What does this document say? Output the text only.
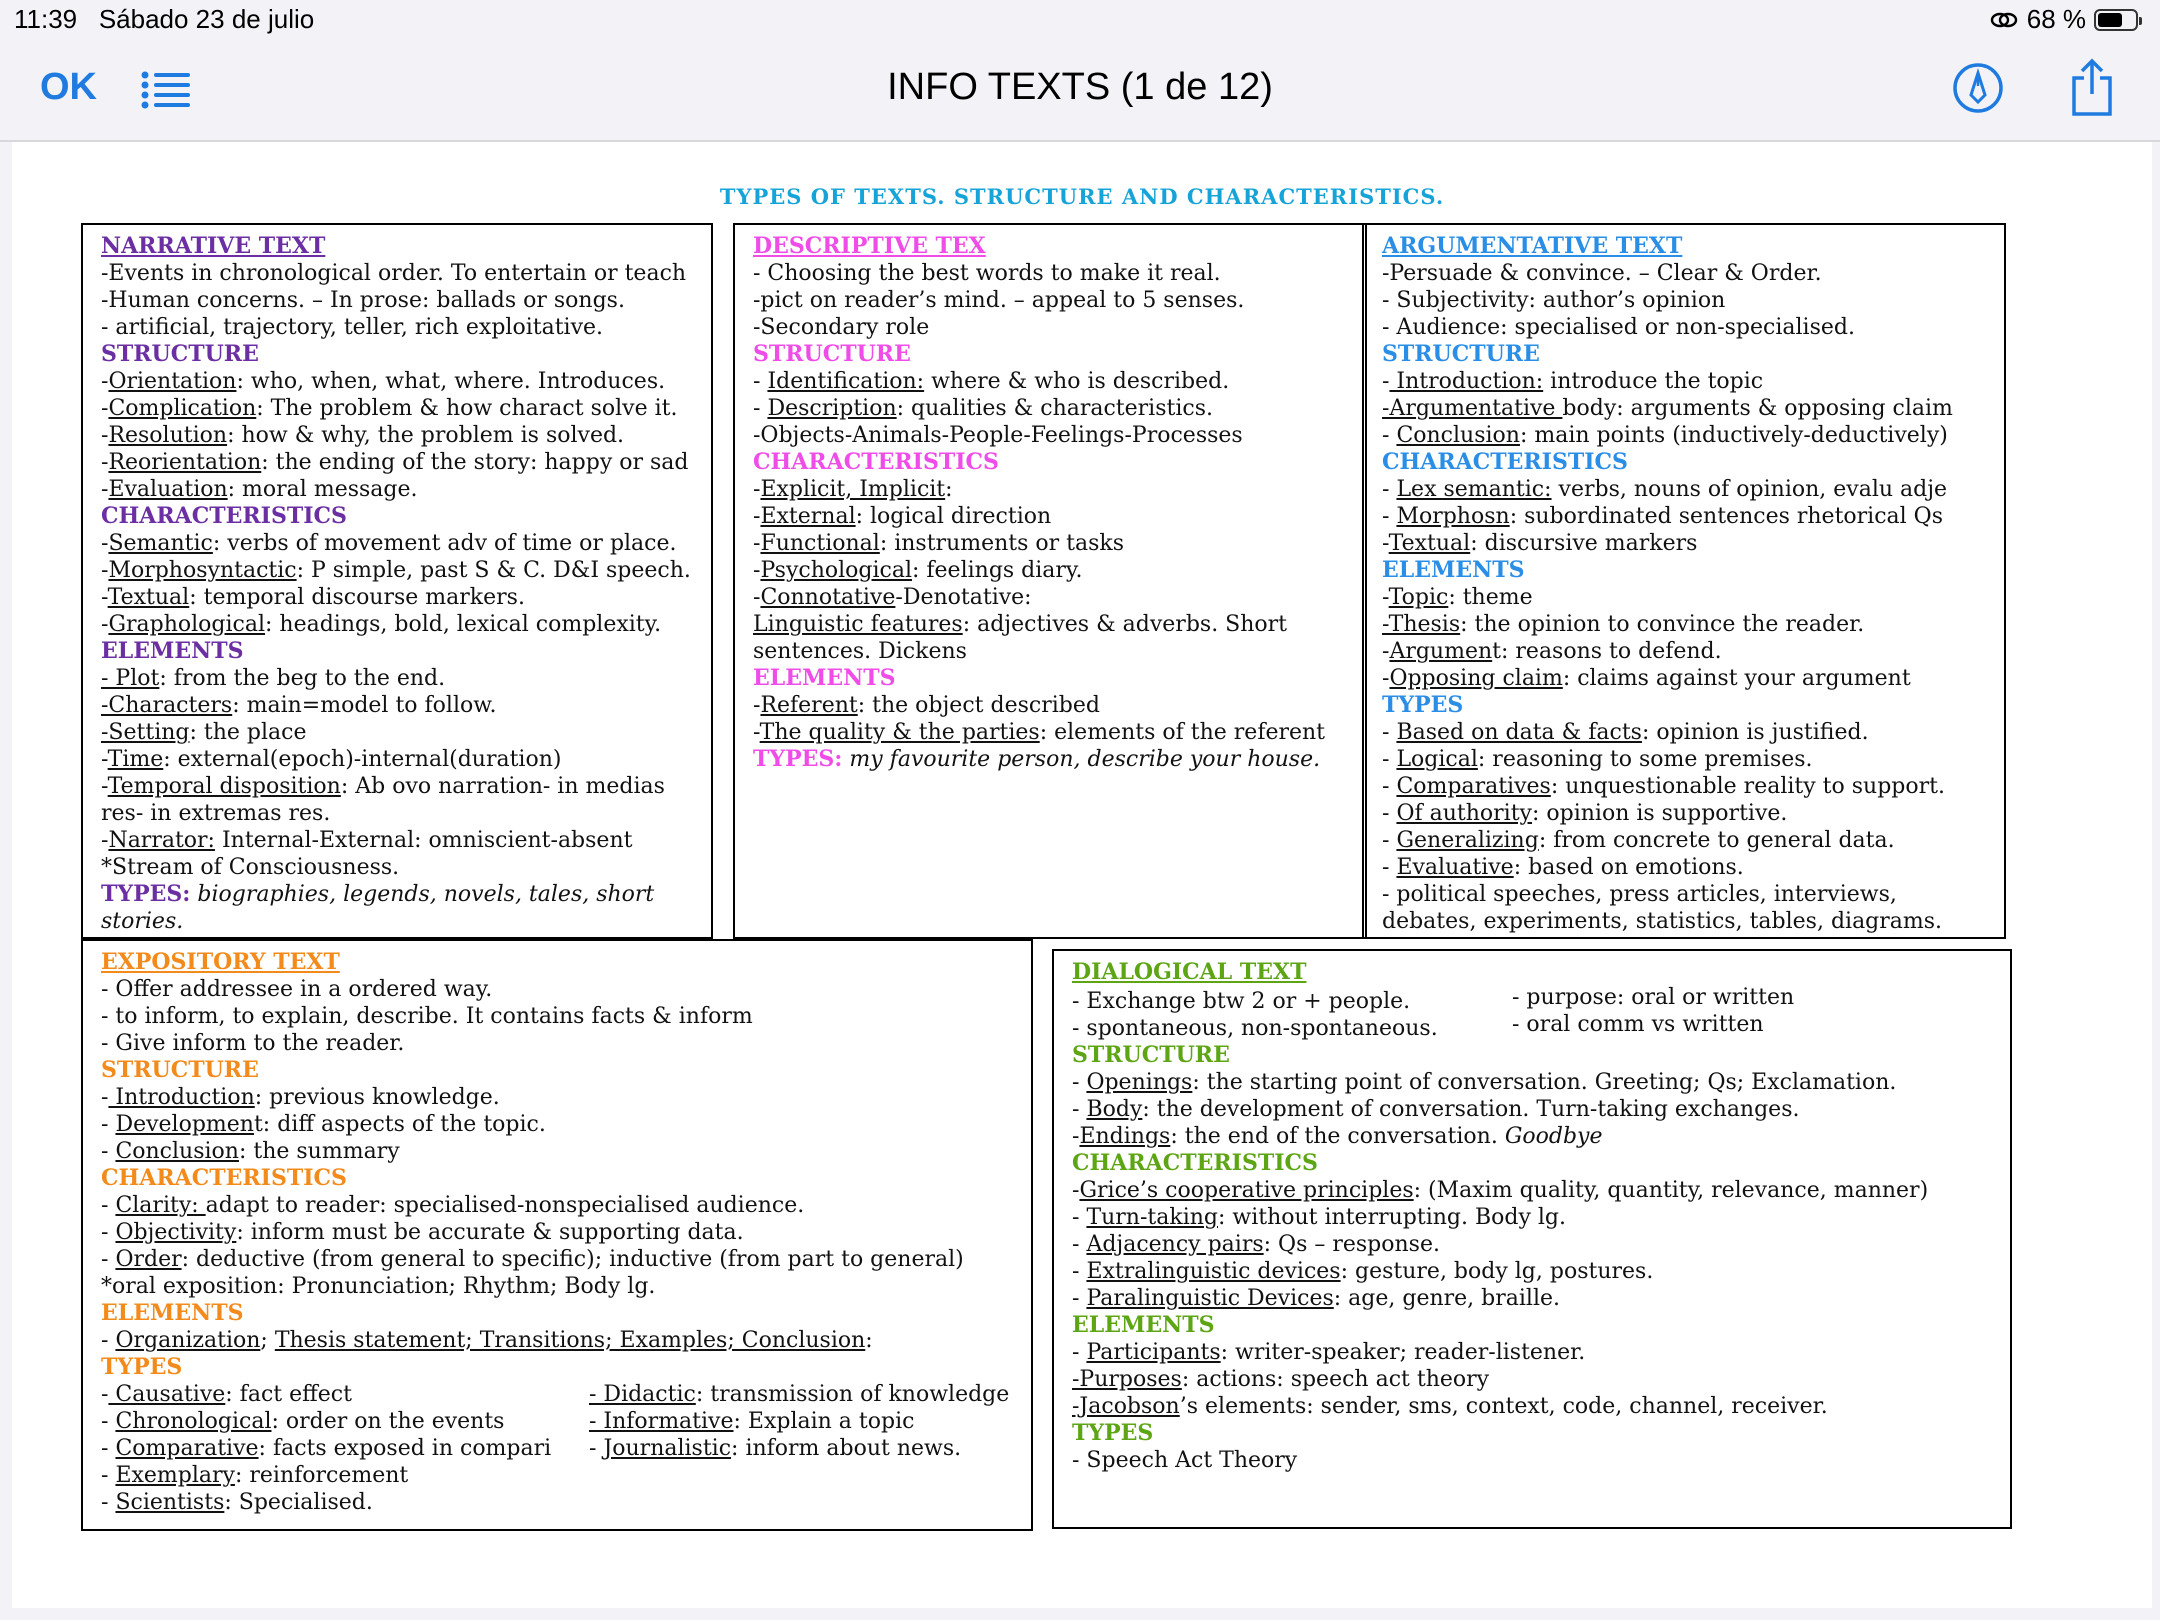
11:39 Sábado 23 de julio	68 %
OK	INFO TEXTS (1 de 12)
TYPES OF TEXTS. STRUCTURE AND CHARACTERISTICS.

NARRATIVE TEXT

-Events in chronological order. To entertain or teach

-Human concerns. – In prose: ballads or songs.

- artificial, trajectory, teller, rich exploitative.

STRUCTURE

-Orientation: who, when, what, where. Introduces.

-Complication: The problem & how charact solve it.

-Resolution: how & why, the problem is solved.

-Reorientation: the ending of the story: happy or sad

-Evaluation: moral message.

CHARACTERISTICS

-Semantic: verbs of movement adv of time or place.

-Morphosyntactic: P simple, past S & C. D&I speech.

-Textual: temporal discourse markers.

-Graphological: headings, bold, lexical complexity.

ELEMENTS

- Plot: from the beg to the end.

-Characters: main=model to follow.

-Setting: the place

-Time: external(epoch)-internal(duration)

-Temporal disposition: Ab ovo narration- in medias

res- in extremas res.

-Narrator: Internal-External: omniscient-absent

*Stream of Consciousness.

TYPES: biographies, legends, novels, tales, short

stories.

DESCRIPTIVE TEX

- Choosing the best words to make it real.

-pict on reader’s mind. – appeal to 5 senses.

-Secondary role

STRUCTURE

- Identification: where & who is described.

- Description: qualities & characteristics.

-Objects-Animals-People-Feelings-Processes

CHARACTERISTICS

-Explicit, Implicit:

-External: logical direction

-Functional: instruments or tasks

-Psychological: feelings diary.

-Connotative-Denotative:

Linguistic features: adjectives & adverbs. Short

sentences. Dickens

ELEMENTS

-Referent: the object described

-The quality & the parties: elements of the referent

TYPES: my favourite person, describe your house.

ARGUMENTATIVE TEXT

-Persuade & convince. – Clear & Order.

- Subjectivity: author’s opinion

- Audience: specialised or non-specialised.

STRUCTURE

- Introduction: introduce the topic

-Argumentative body: arguments & opposing claim

- Conclusion: main points (inductively-deductively)

CHARACTERISTICS

- Lex semantic: verbs, nouns of opinion, evalu adje

- Morphosn: subordinated sentences rhetorical Qs

-Textual: discursive markers

ELEMENTS

-Topic: theme

-Thesis: the opinion to convince the reader.

-Argument: reasons to defend.

-Opposing claim: claims against your argument

TYPES

- Based on data & facts: opinion is justified.

- Logical: reasoning to some premises.

- Comparatives: unquestionable reality to support.

- Of authority: opinion is supportive.

- Generalizing: from concrete to general data.

- Evaluative: based on emotions.

- political speeches, press articles, interviews,

debates, experiments, statistics, tables, diagrams.

EXPOSITORY TEXT

- Offer addressee in a ordered way.

- to inform, to explain, describe. It contains facts & inform

- Give inform to the reader.

STRUCTURE

- Introduction: previous knowledge.

- Development: diff aspects of the topic.

- Conclusion: the summary

CHARACTERISTICS

- Clarity: adapt to reader: specialised-nonspecialised audience.

- Objectivity: inform must be accurate & supporting data.

- Order: deductive (from general to specific); inductive (from part to general)

*oral exposition: Pronunciation; Rhythm; Body lg.

ELEMENTS

- Organization; Thesis statement; Transitions; Examples; Conclusion:

TYPES

- Causative: fact effect

- Chronological: order on the events

- Comparative: facts exposed in compari

- Exemplary: reinforcement

- Scientists: Specialised.

- Didactic: transmission of knowledge

- Informative: Explain a topic

- Journalistic: inform about news.

DIALOGICAL TEXT

- Exchange btw 2 or + people.

- spontaneous, non-spontaneous.

- purpose: oral or written

- oral comm vs written

STRUCTURE

- Openings: the starting point of conversation. Greeting; Qs; Exclamation.

- Body: the development of conversation. Turn-taking exchanges.

-Endings: the end of the conversation. Goodbye

CHARACTERISTICS

-Grice’s cooperative principles: (Maxim quality, quantity, relevance, manner)

- Turn-taking: without interrupting. Body lg.

- Adjacency pairs: Qs – response.

- Extralinguistic devices: gesture, body lg, postures.

- Paralinguistic Devices: age, genre, braille.

ELEMENTS

- Participants: writer-speaker; reader-listener.

-Purposes: actions: speech act theory

-Jacobson’s elements: sender, sms, context, code, channel, receiver.

TYPES

- Speech Act Theory
